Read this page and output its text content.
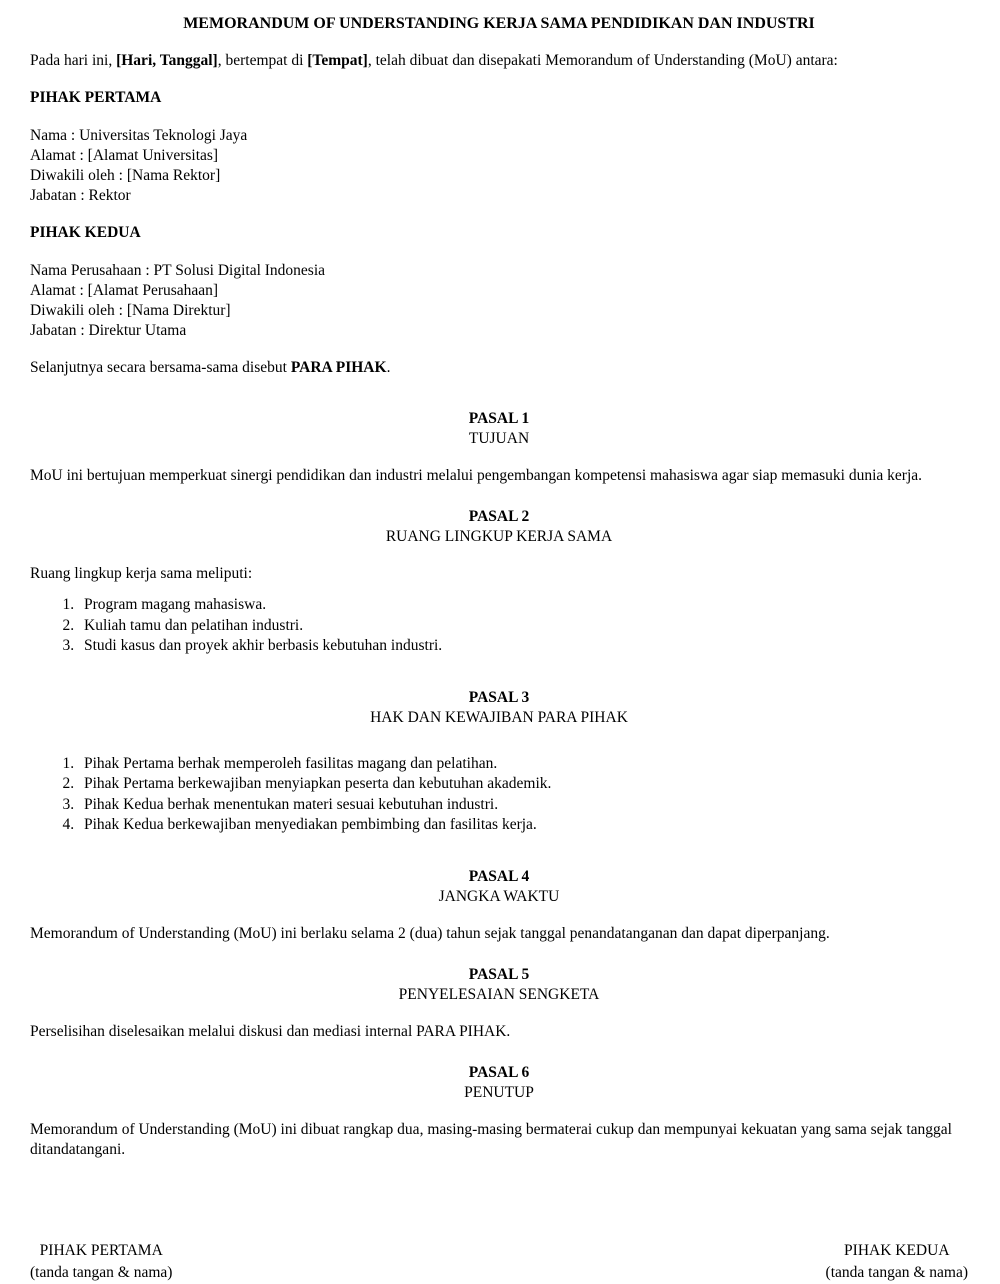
MEMORANDUM OF UNDERSTANDING KERJA SAMA PENDIDIKAN DAN INDUSTRI

Pada hari ini, [Hari, Tanggal], bertempat di [Tempat], telah dibuat dan disepakati Memorandum of Understanding (MoU) antara:

PIHAK PERTAMA
Nama : Universitas Teknologi Jaya
Alamat : [Alamat Universitas]
Diwakili oleh : [Nama Rektor]
Jabatan : Rektor
PIHAK KEDUA
Nama Perusahaan : PT Solusi Digital Indonesia
Alamat : [Alamat Perusahaan]
Diwakili oleh : [Nama Direktur]
Jabatan : Direktur Utama

Selanjutnya secara bersama-sama disebut PARA PIHAK.

PASAL 1
TUJUAN

MoU ini bertujuan memperkuat sinergi pendidikan dan industri melalui pengembangan kompetensi mahasiswa agar siap memasuki dunia kerja.

PASAL 2
RUANG LINGKUP KERJA SAMA

Ruang lingkup kerja sama meliputi:

1. Program magang mahasiswa.
2. Kuliah tamu dan pelatihan industri.
3. Studi kasus dan proyek akhir berbasis kebutuhan industri.
PASAL 3
HAK DAN KEWAJIBAN PARA PIHAK
1. Pihak Pertama berhak memperoleh fasilitas magang dan pelatihan.
2. Pihak Pertama berkewajiban menyiapkan peserta dan kebutuhan akademik.
3. Pihak Kedua berhak menentukan materi sesuai kebutuhan industri.
4. Pihak Kedua berkewajiban menyediakan pembimbing dan fasilitas kerja.
PASAL 4
JANGKA WAKTU

Memorandum of Understanding (MoU) ini berlaku selama 2 (dua) tahun sejak tanggal penandatanganan dan dapat diperpanjang.

PASAL 5
PENYELESAIAN SENGKETA

Perselisihan diselesaikan melalui diskusi dan mediasi internal PARA PIHAK.

PASAL 6
PENUTUP

Memorandum of Understanding (MoU) ini dibuat rangkap dua, masing-masing bermaterai cukup dan mempunyai kekuatan yang sama sejak tanggal ditandatangani.

PIHAK PERTAMA
(tanda tangan & nama)
PIHAK KEDUA
(tanda tangan & nama)
